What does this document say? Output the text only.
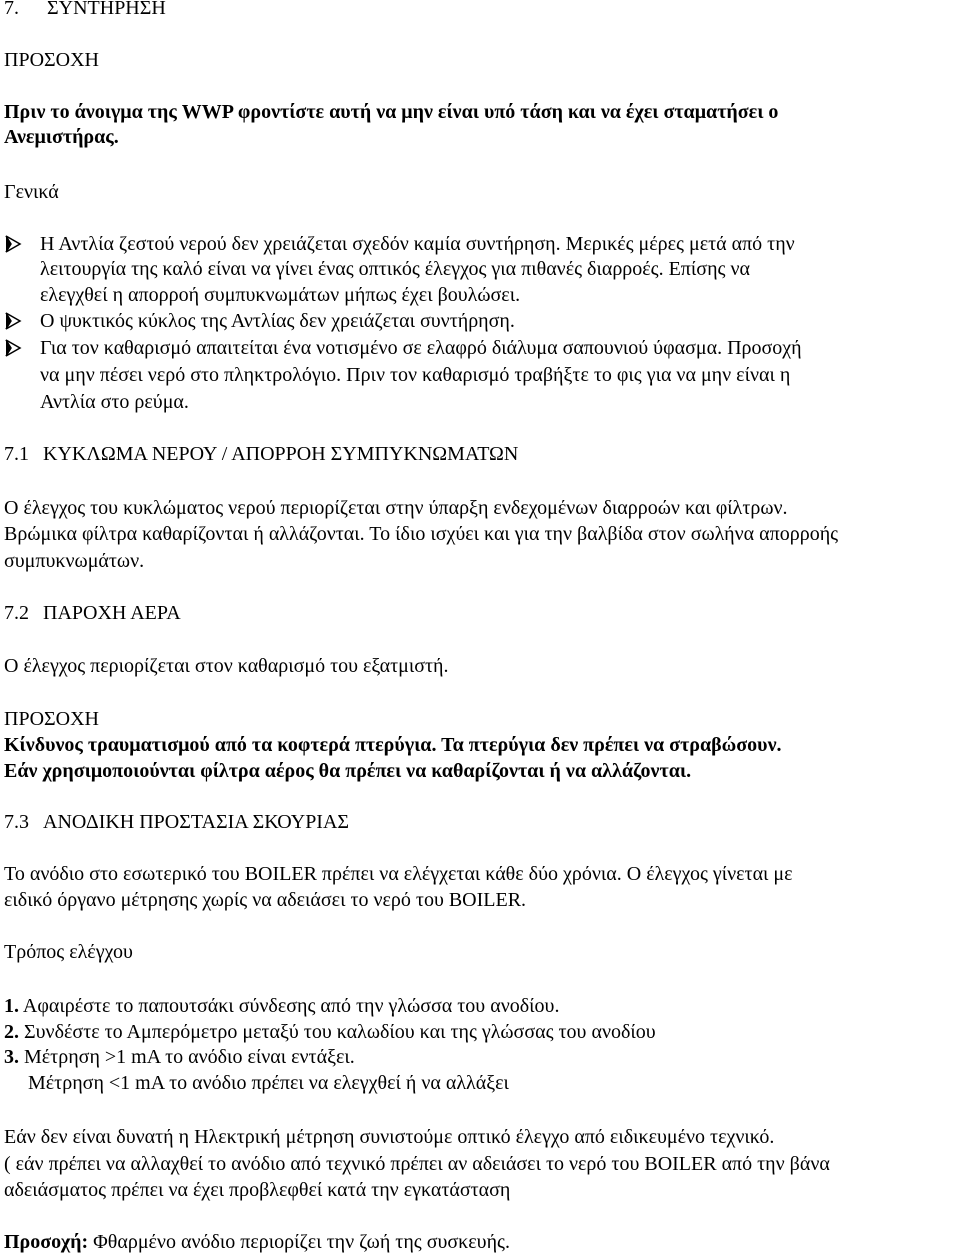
7. ΣΥΝΤΗΡΗΣΗ
ΠΡΟΣΟΧΗ
Πριν το άνοιγμα της WWP φροντίστε αυτή να μην είναι υπό τάση και να έχει σταματήσει ο
Ανεμιστήρας.
Γενικά
Η Αντλία ζεστού νερού δεν χρειάζεται σχεδόν καμία συντήρηση. Μερικές μέρες μετά από την
λειτουργία της καλό είναι να γίνει ένας οπτικός έλεγχος για πιθανές διαρροές. Επίσης να
ελεγχθεί η απορροή συμπυκνωμάτων μήπως έχει βουλώσει.
Ο ψυκτικός κύκλος της Αντλίας δεν χρειάζεται συντήρηση.
Για τον καθαρισμό απαιτείται ένα νοτισμένο σε ελαφρό διάλυμα σαπουνιού ύφασμα. Προσοχή
να μην πέσει νερό στο πληκτρολόγιο. Πριν τον καθαρισμό τραβήξτε το φις για να μην είναι η
Αντλία στο ρεύμα.
7.1 ΚΥΚΛΩΜΑ ΝΕΡΟΥ / ΑΠΟΡΡΟΗ ΣΥΜΠΥΚΝΩΜΑΤΩΝ
Ο έλεγχος του κυκλώματος νερού περιορίζεται στην ύπαρξη ενδεχομένων διαρροών και φίλτρων.
Βρώμικα φίλτρα καθαρίζονται ή αλλάζονται. Το ίδιο ισχύει και για την βαλβίδα στον σωλήνα απορροής
συμπυκνωμάτων.
7.2 ΠΑΡΟΧΗ ΑΕΡΑ
Ο έλεγχος περιορίζεται στον καθαρισμό του εξατμιστή.
ΠΡΟΣΟΧΗ
Κίνδυνος τραυματισμού από τα κοφτερά πτερύγια. Τα πτερύγια δεν πρέπει να στραβώσουν.
Εάν χρησιμοποιούνται φίλτρα αέρος θα πρέπει να καθαρίζονται ή να αλλάζονται.
7.3 ΑΝΟΔΙΚΗ ΠΡΟΣΤΑΣΙΑ ΣΚΟΥΡΙΑΣ
Το ανόδιο στο εσωτερικό του BOILER πρέπει να ελέγχεται κάθε δύο χρόνια. Ο έλεγχος γίνεται με
ειδικό όργανο μέτρησης χωρίς να αδειάσει το νερό του BOILER.
Τρόπος ελέγχου
1. Αφαιρέστε το παπουτσάκι σύνδεσης από την γλώσσα του ανοδίου.
2. Συνδέστε το Αμπερόμετρο μεταξύ του καλωδίου και της γλώσσας του ανοδίου
3. Μέτρηση >1 mA το ανόδιο είναι εντάξει.
Μέτρηση <1 mA το ανόδιο πρέπει να ελεγχθεί ή να αλλάξει
Εάν δεν είναι δυνατή η Ηλεκτρική μέτρηση συνιστούμε οπτικό έλεγχο από ειδικευμένο τεχνικό.
( εάν πρέπει να αλλαχθεί το ανόδιο από τεχνικό πρέπει αν αδειάσει το νερό του BOILER από την βάνα
αδειάσματος πρέπει να έχει προβλεφθεί κατά την εγκατάσταση
Προσοχή: Φθαρμένο ανόδιο περιορίζει την ζωή της συσκευής.
